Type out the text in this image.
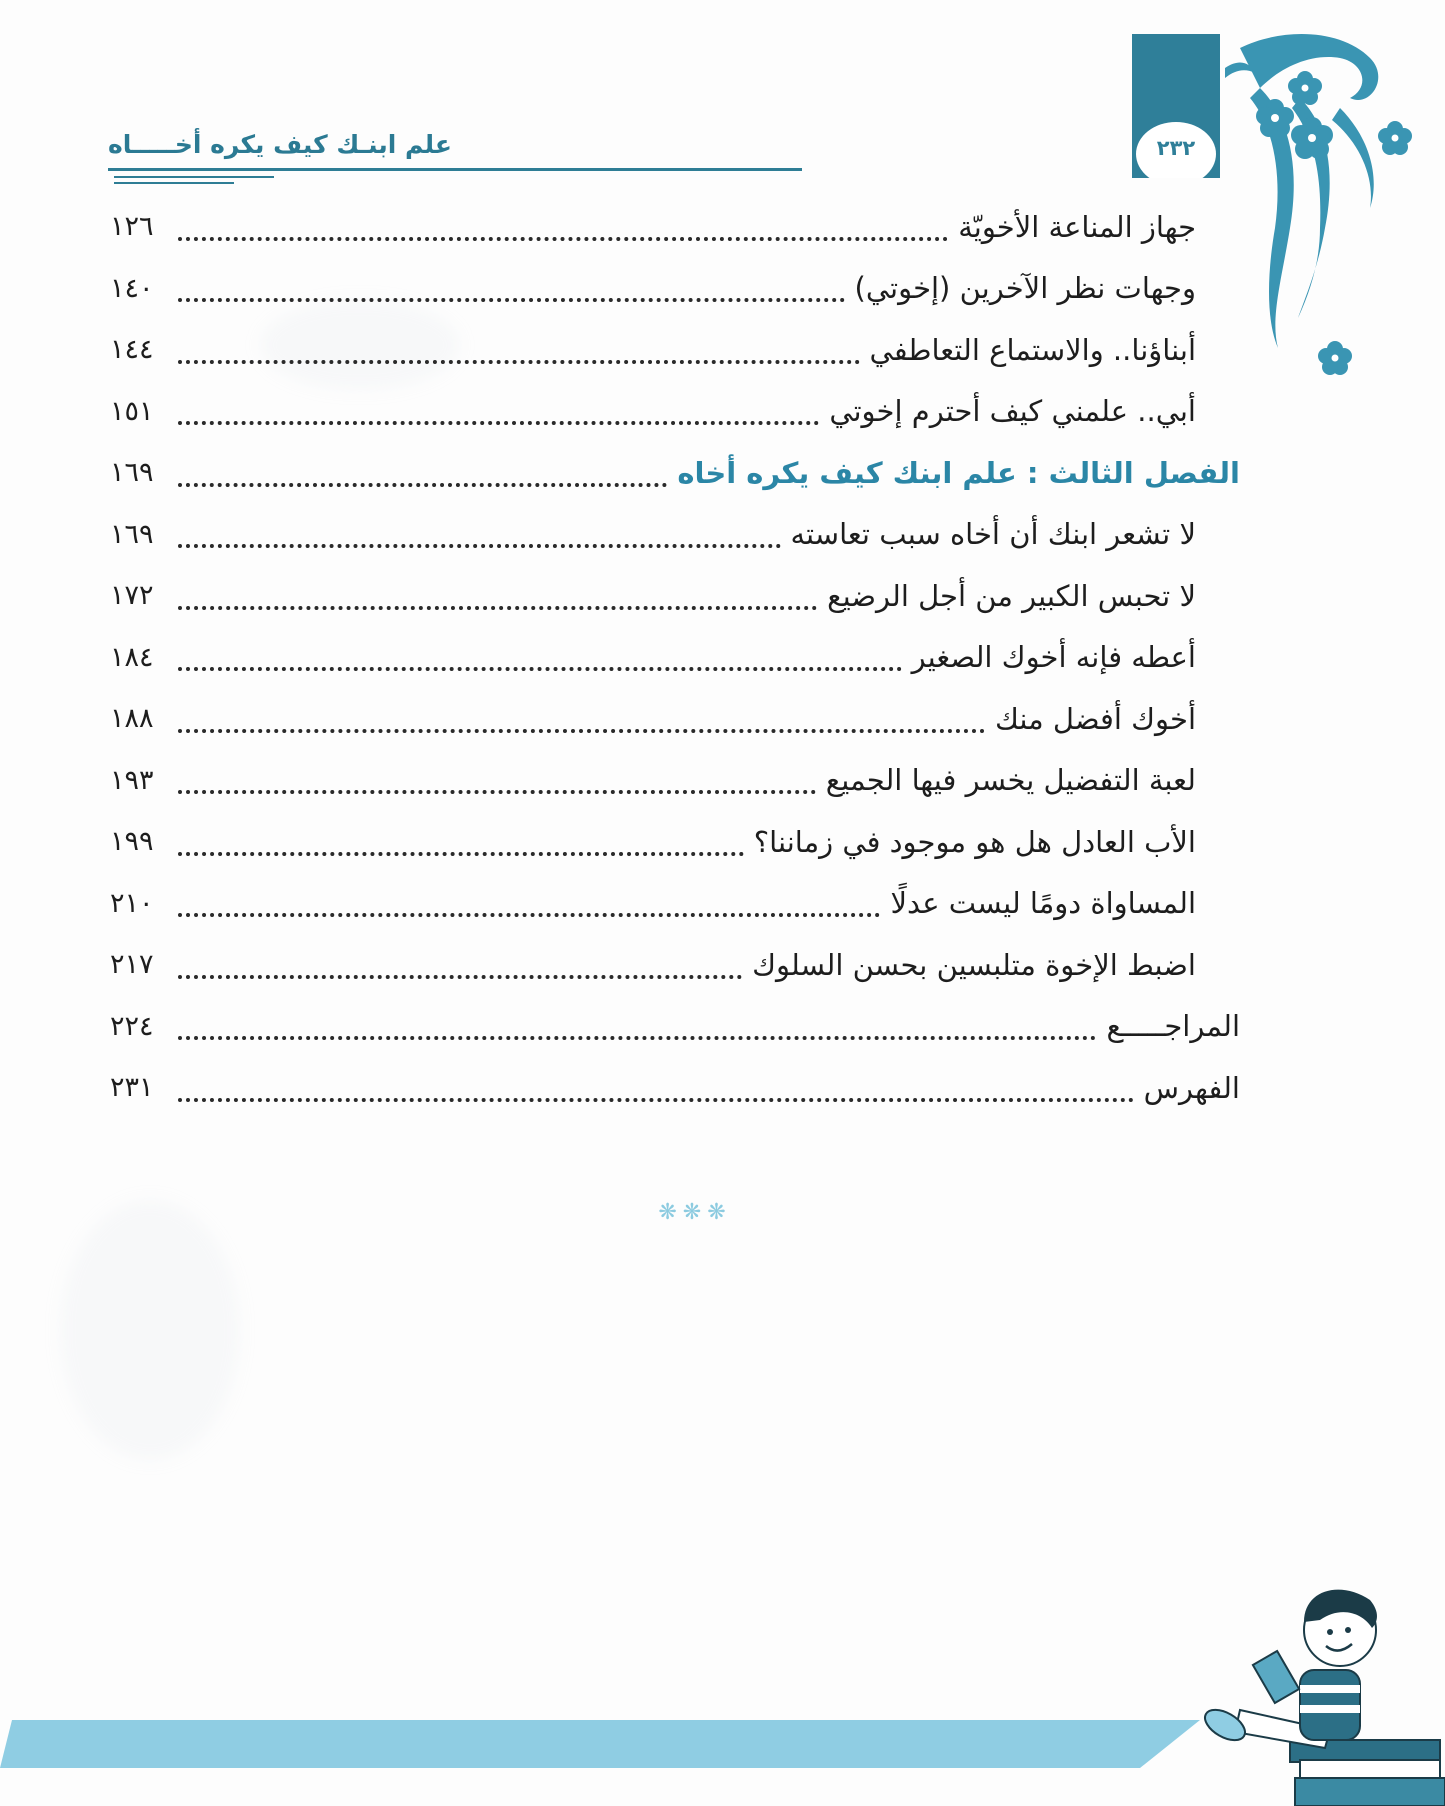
علم ابنـك كيف يكره أخـــــاه	٢٣٢
جهاز المناعة الأخويّة
١٢٦
وجهات نظر الآخرين (إخوتي)
١٤٠
أبناؤنا.. والاستماع التعاطفي
١٤٤
أبي.. علمني كيف أحترم إخوتي
١٥١
الفصل الثالث : علم ابنك كيف يكره أخاه
١٦٩
لا تشعر ابنك أن أخاه سبب تعاسته
١٦٩
لا تحبس الكبير من أجل الرضيع
١٧٢
أعطه فإنه أخوك الصغير
١٨٤
أخوك أفضل منك
١٨٨
لعبة التفضيل يخسر فيها الجميع
١٩٣
الأب العادل هل هو موجود في زماننا؟
١٩٩
المساواة دومًا ليست عدلًا
٢١٠
اضبط الإخوة متلبسين بحسن السلوك
٢١٧
المراجـــــع
٢٢٤
الفهرس
٢٣١
❋❋❋
